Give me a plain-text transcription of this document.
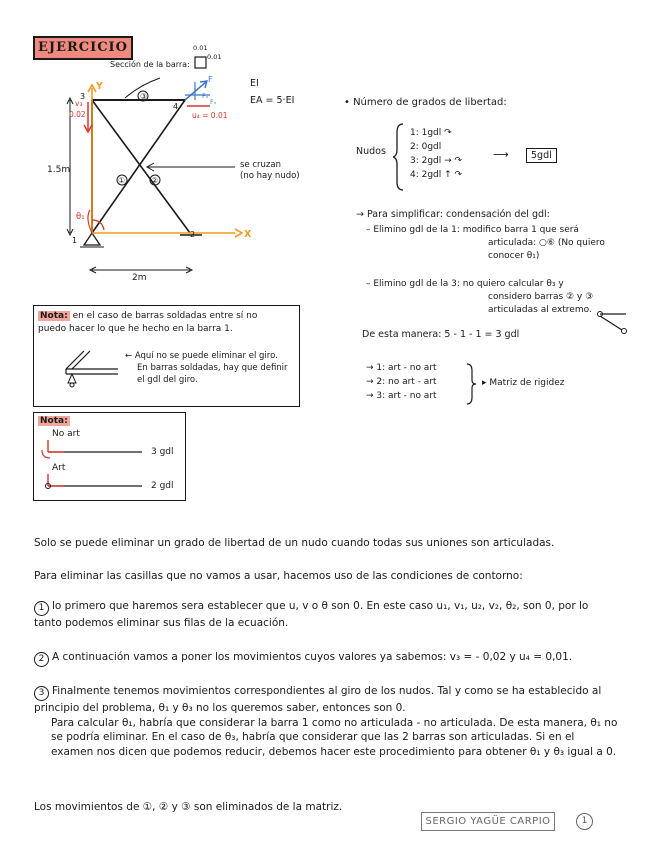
EJERCICIO
Sección de la barra:
0.01
0.01
EI
EA = 5·EI
③
①	②
1
2
3
4
1.5m
2m
Y
X
θ₁
v₃
0.02	u₄ = 0.01
F
Fₓ
Fₙ
se cruzan
(no hay nudo)
• Número de grados de libertad:
Nudos
1: 1gdl ↷
2: 0gdl
3: 2gdl → ↷
4: 2gdl ↑ ↷
⟶	5gdl
→ Para simplificar: condensación del gdl:
– Elimino gdl de la 1: modifico barra 1 que será
articulada: ○⑥ (No quiero
conocer θ₁)
– Elimino gdl de la 3: no quiero calcular θ₃ y
considero barras ② y ③
articuladas al extremo.
De esta manera: 5 - 1 - 1 = 3 gdl
→ 1: art - no art
→ 2: no art - art
→ 3: art - no art
▸ Matriz de rigidez
Nota: en el caso de barras soldadas entre sí no
puedo hacer lo que he hecho en la barra 1.
← Aquí no se puede eliminar el giro.
En barras soldadas, hay que definir
el gdl del giro.
Nota:
No art
3 gdl
Art
2 gdl
Solo se puede eliminar un grado de libertad de un nudo cuando todas sus uniones son articuladas.
Para eliminar las casillas que no vamos a usar, hacemos uso de las condiciones de contorno:
1 lo primero que haremos sera establecer que u, v o θ son 0. En este caso u₁, v₁, u₂, v₂, θ₂, son 0, por lo tanto podemos eliminar sus filas de la ecuación.
2 A continuación vamos a poner los movimientos cuyos valores ya sabemos: v₃ = - 0,02 y u₄ = 0,01.
3 Finalmente tenemos movimientos correspondientes al giro de los nudos. Tal y como se ha establecido al principio del problema, θ₁ y θ₃ no los queremos saber, entonces son 0.
Para calcular θ₁, habría que considerar la barra 1 como no articulada - no articulada. De esta manera, θ₁ no se podría eliminar. En el caso de θ₃, habría que considerar que las 2 barras son articuladas. Si en el examen nos dicen que podemos reducir, debemos hacer este procedimiento para obtener θ₁ y θ₃ igual a 0.
Los movimientos de ①, ② y ③ son eliminados de la matriz.
SERGIO YAGÜE CARPIO	1
